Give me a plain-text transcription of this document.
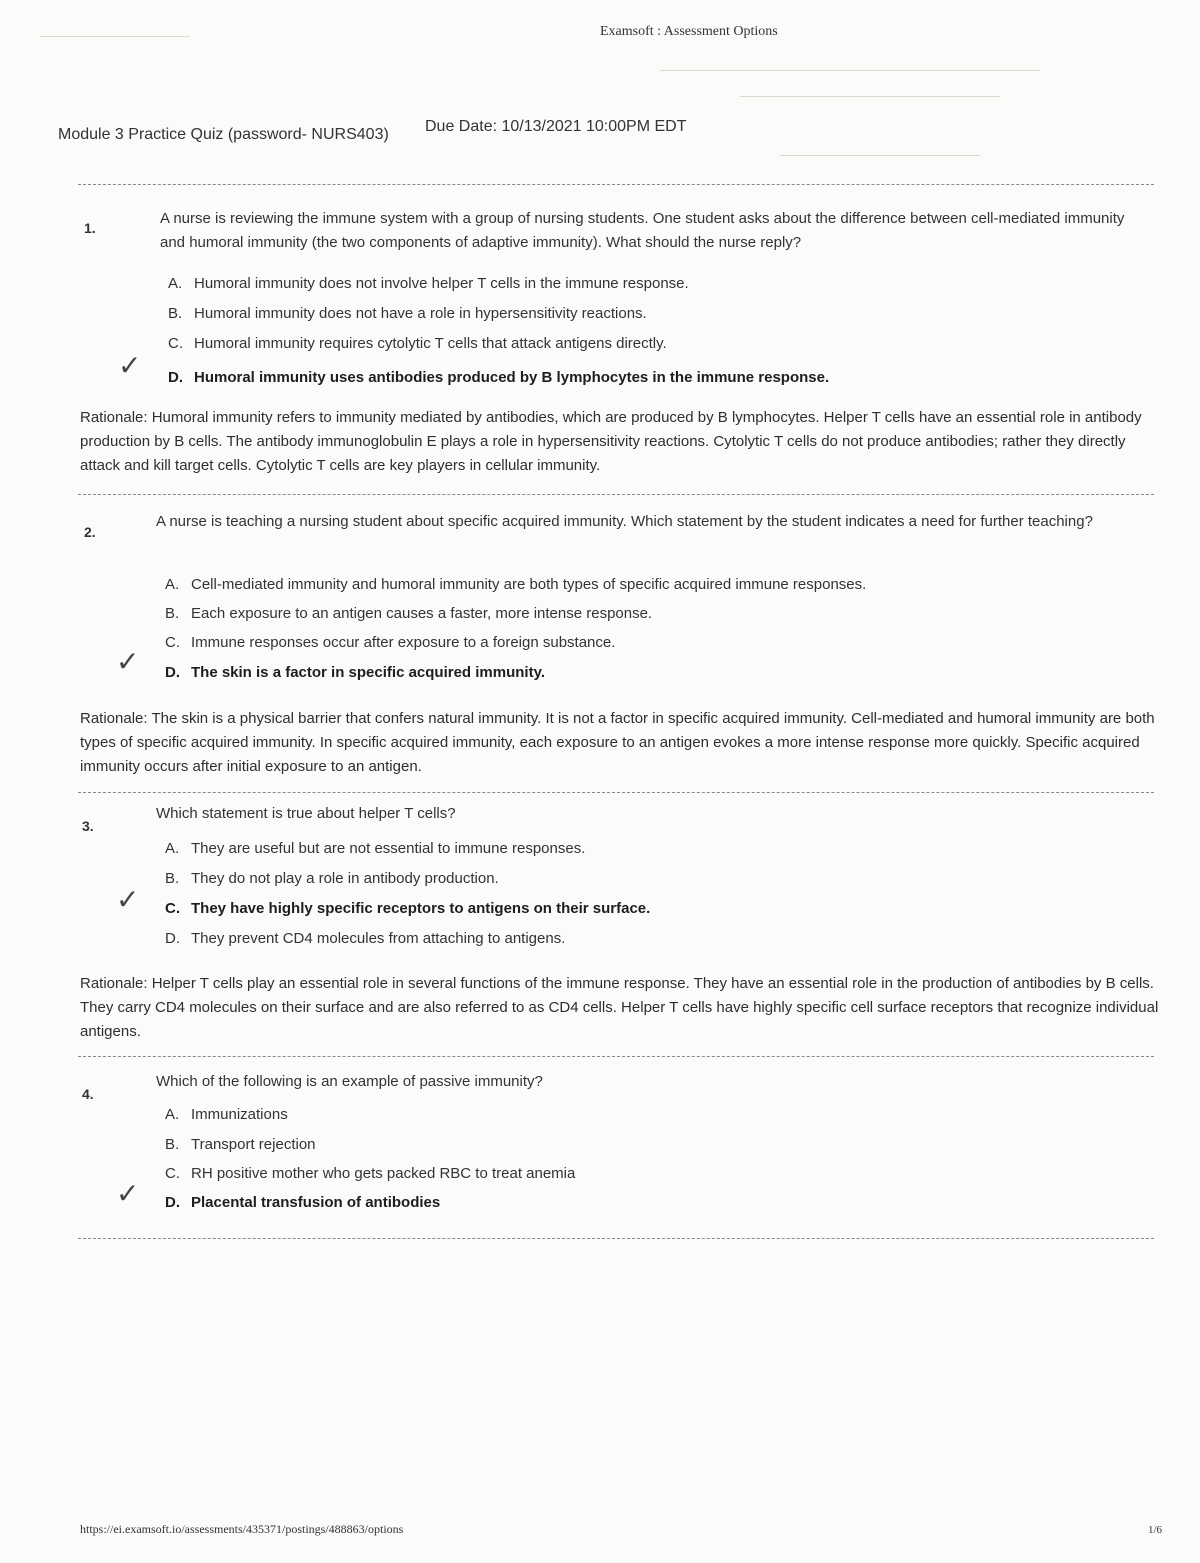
Examsoft : Assessment Options
Module 3 Practice Quiz (password- NURS403) Due Date: 10/13/2021 10:00PM EDT
1.
A nurse is reviewing the immune system with a group of nursing students. One student asks about the difference between cell-mediated immunity and humoral immunity (the two components of adaptive immunity). What should the nurse reply?
A. Humoral immunity does not involve helper T cells in the immune response.
B. Humoral immunity does not have a role in hypersensitivity reactions.
C. Humoral immunity requires cytolytic T cells that attack antigens directly.
✓ D. Humoral immunity uses antibodies produced by B lymphocytes in the immune response.
Rationale: Humoral immunity refers to immunity mediated by antibodies, which are produced by B lymphocytes. Helper T cells have an essential role in antibody production by B cells. The antibody immunoglobulin E plays a role in hypersensitivity reactions. Cytolytic T cells do not produce antibodies; rather they directly attack and kill target cells. Cytolytic T cells are key players in cellular immunity.
2.
A nurse is teaching a nursing student about specific acquired immunity. Which statement by the student indicates a need for further teaching?
A. Cell-mediated immunity and humoral immunity are both types of specific acquired immune responses.
B. Each exposure to an antigen causes a faster, more intense response.
C. Immune responses occur after exposure to a foreign substance.
✓ D. The skin is a factor in specific acquired immunity.
Rationale: The skin is a physical barrier that confers natural immunity. It is not a factor in specific acquired immunity. Cell-mediated and humoral immunity are both types of specific acquired immunity. In specific acquired immunity, each exposure to an antigen evokes a more intense response more quickly. Specific acquired immunity occurs after initial exposure to an antigen.
Which statement is true about helper T cells?
3.
A. They are useful but are not essential to immune responses.
B. They do not play a role in antibody production.
✓ C. They have highly specific receptors to antigens on their surface.
D. They prevent CD4 molecules from attaching to antigens.
Rationale: Helper T cells play an essential role in several functions of the immune response. They have an essential role in the production of antibodies by B cells. They carry CD4 molecules on their surface and are also referred to as CD4 cells. Helper T cells have highly specific cell surface receptors that recognize individual antigens.
Which of the following is an example of passive immunity?
4.
A. Immunizations
B. Transport rejection
C. RH positive mother who gets packed RBC to treat anemia
✓ D. Placental transfusion of antibodies
https://ei.examsoft.io/assessments/435371/postings/488863/options	1/6
